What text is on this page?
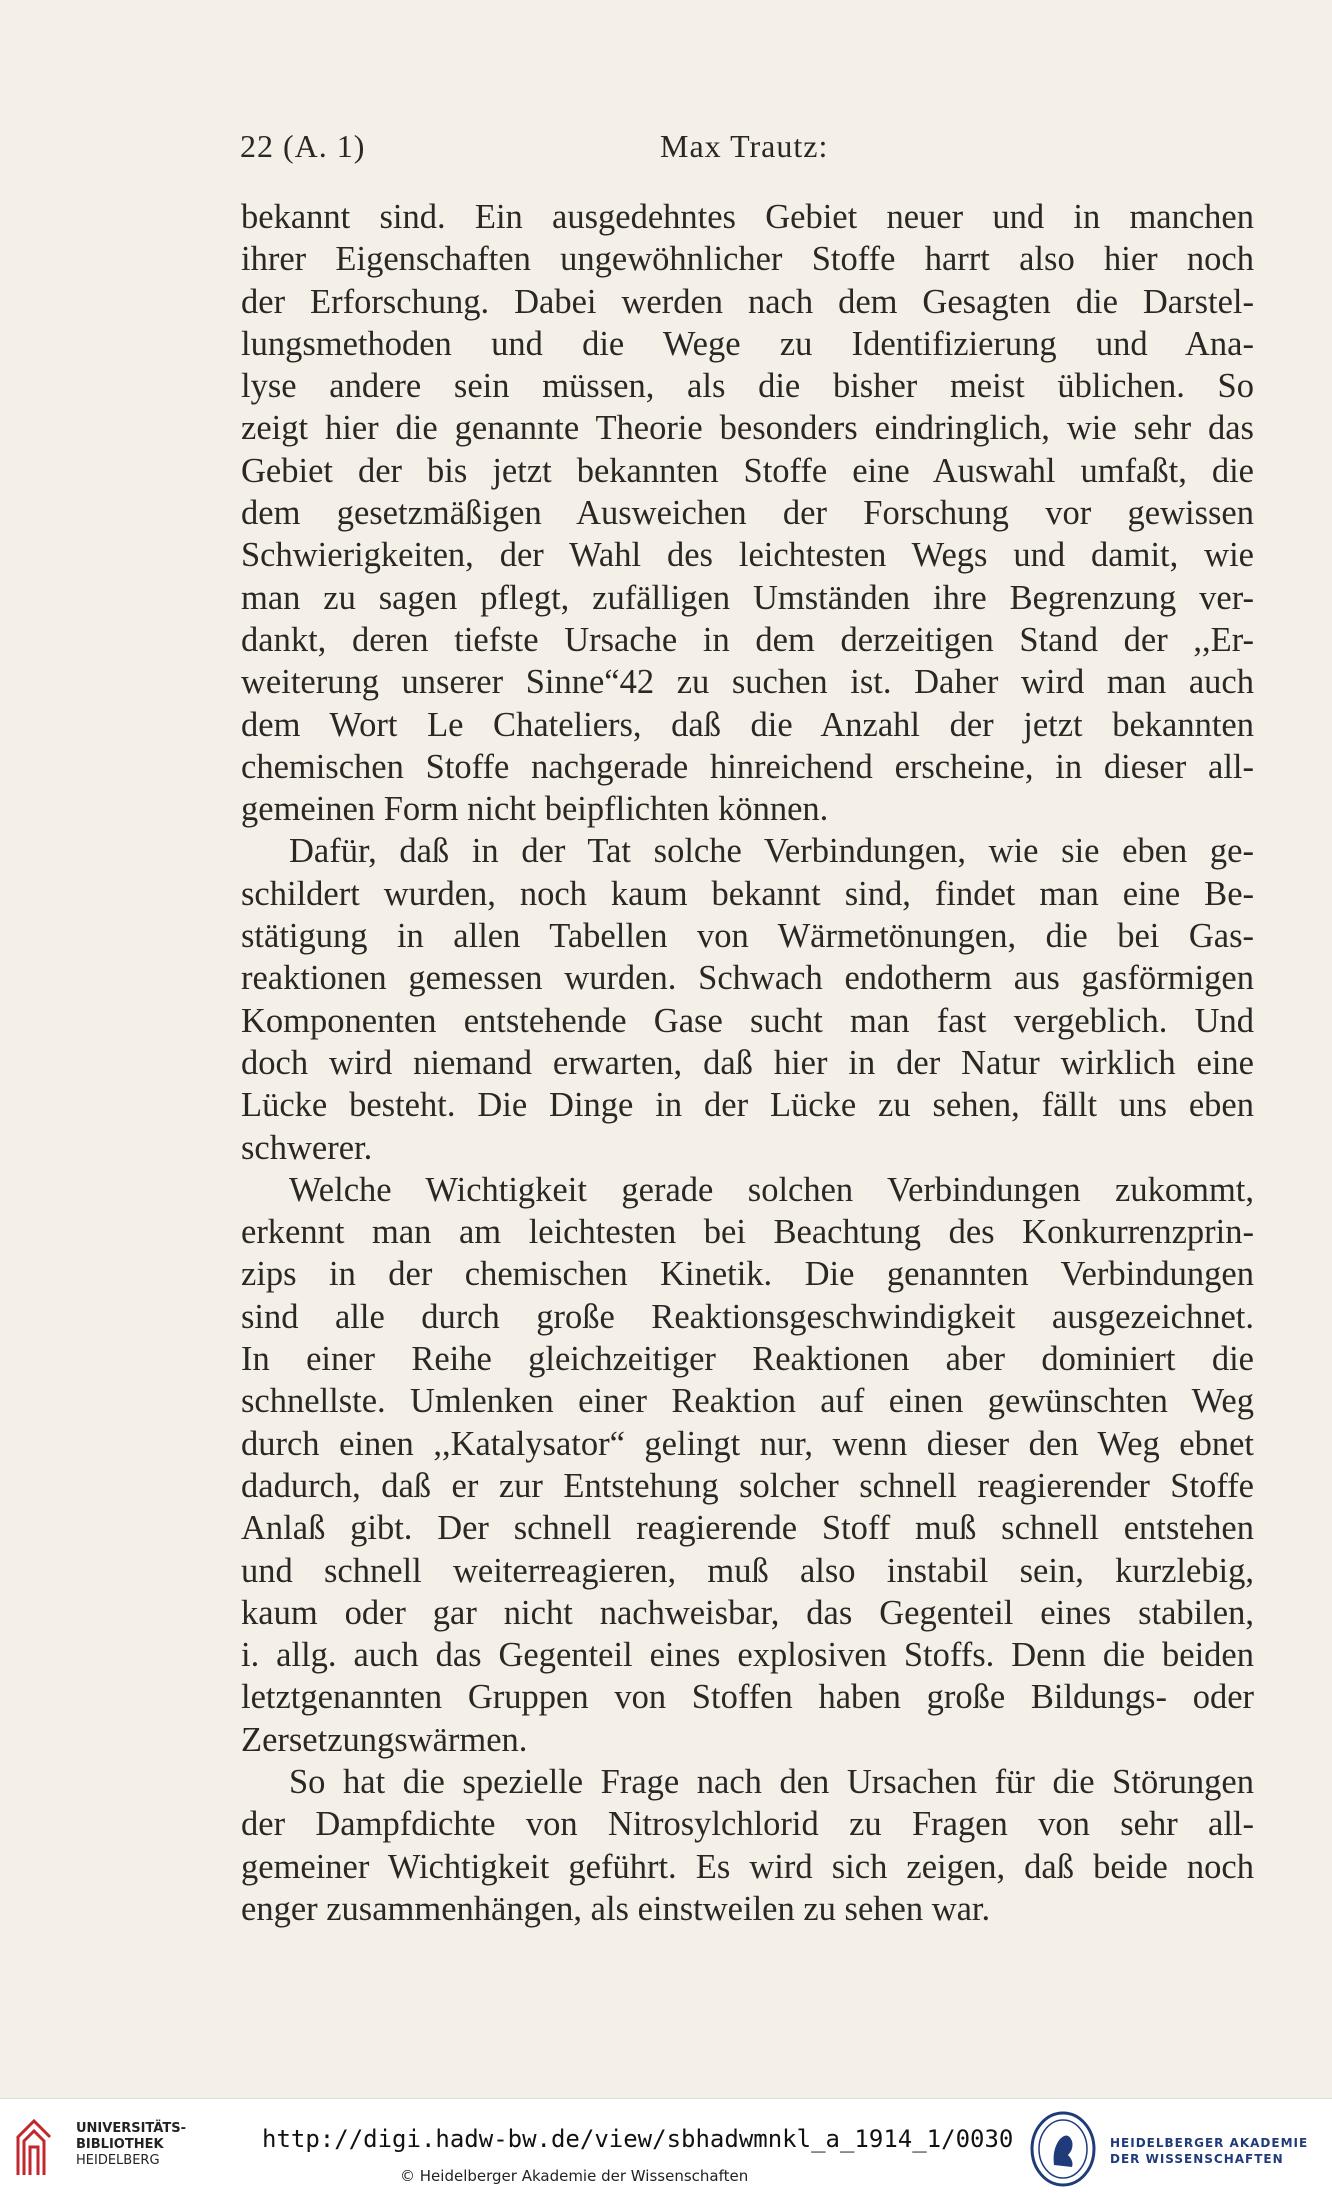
22 (A. 1)	Max Trautz:

bekannt sind. Ein ausgedehntes Gebiet neuer und in manchen
ihrer Eigenschaften ungewöhnlicher Stoffe harrt also hier noch
der Erforschung. Dabei werden nach dem Gesagten die Darstel-
lungsmethoden und die Wege zu Identifizierung und Ana-
lyse andere sein müssen, als die bisher meist üblichen. So
zeigt hier die genannte Theorie besonders eindringlich, wie sehr das
Gebiet der bis jetzt bekannten Stoffe eine Auswahl umfaßt, die
dem gesetzmäßigen Ausweichen der Forschung vor gewissen
Schwierigkeiten, der Wahl des leichtesten Wegs und damit, wie
man zu sagen pflegt, zufälligen Umständen ihre Begrenzung ver-
dankt, deren tiefste Ursache in dem derzeitigen Stand der ,,Er-
weiterung unserer Sinne“42 zu suchen ist. Daher wird man auch
dem Wort Le Chateliers, daß die Anzahl der jetzt bekannten
chemischen Stoffe nachgerade hinreichend erscheine, in dieser all-
gemeinen Form nicht beipflichten können.

Dafür, daß in der Tat solche Verbindungen, wie sie eben ge-
schildert wurden, noch kaum bekannt sind, findet man eine Be-
stätigung in allen Tabellen von Wärmetönungen, die bei Gas-
reaktionen gemessen wurden. Schwach endotherm aus gasförmigen
Komponenten entstehende Gase sucht man fast vergeblich. Und
doch wird niemand erwarten, daß hier in der Natur wirklich eine
Lücke besteht. Die Dinge in der Lücke zu sehen, fällt uns eben
schwerer.

Welche Wichtigkeit gerade solchen Verbindungen zukommt,
erkennt man am leichtesten bei Beachtung des Konkurrenzprin-
zips in der chemischen Kinetik. Die genannten Verbindungen
sind alle durch große Reaktionsgeschwindigkeit ausgezeichnet.
In einer Reihe gleichzeitiger Reaktionen aber dominiert die
schnellste. Umlenken einer Reaktion auf einen gewünschten Weg
durch einen ,,Katalysator“ gelingt nur, wenn dieser den Weg ebnet
dadurch, daß er zur Entstehung solcher schnell reagierender Stoffe
Anlaß gibt. Der schnell reagierende Stoff muß schnell entstehen
und schnell weiterreagieren, muß also instabil sein, kurzlebig,
kaum oder gar nicht nachweisbar, das Gegenteil eines stabilen,
i. allg. auch das Gegenteil eines explosiven Stoffs. Denn die beiden
letztgenannten Gruppen von Stoffen haben große Bildungs- oder
Zersetzungswärmen.

So hat die spezielle Frage nach den Ursachen für die Störungen
der Dampfdichte von Nitrosylchlorid zu Fragen von sehr all-
gemeiner Wichtigkeit geführt. Es wird sich zeigen, daß beide noch
enger zusammenhängen, als einstweilen zu sehen war.

UNIVERSITÄTS-
BIBLIOTHEK
HEIDELBERG
http://digi.hadw-bw.de/view/sbhadwmnkl_a_1914_1/0030
© Heidelberger Akademie der Wissenschaften
HEIDELBERGER AKADEMIE
DER WISSENSCHAFTEN
